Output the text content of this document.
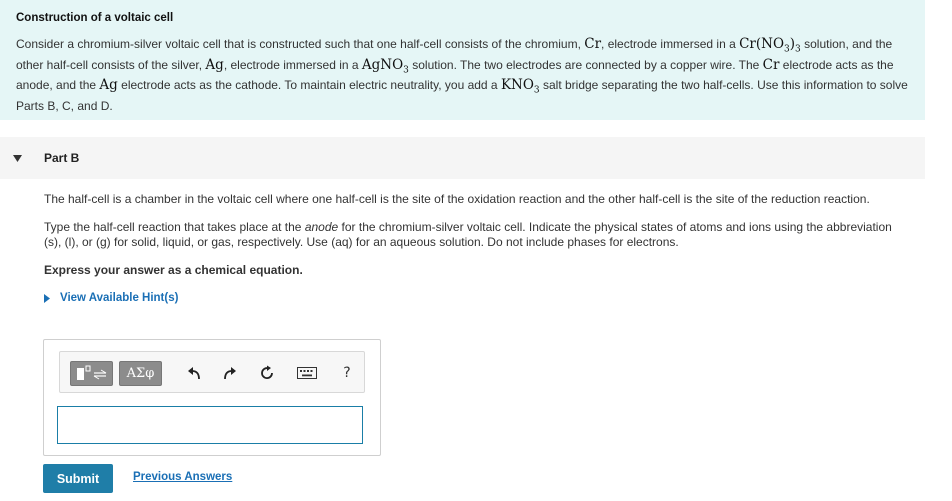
Construction of a voltaic cell
Consider a chromium-silver voltaic cell that is constructed such that one half-cell consists of the chromium, Cr, electrode immersed in a $Cr(NO_3)_3$ solution, and the other half-cell consists of the silver, Ag, electrode immersed in a AgNO$_3$ solution. The two electrodes are connected by a copper wire. The Cr electrode acts as the anode, and the Ag electrode acts as the cathode. To maintain electric neutrality, you add a $KNO_3$ salt bridge separating the two half-cells. Use this information to solve Parts B, C, and D.
Part B

The half-cell is a chamber in the voltaic cell where one half-cell is the site of the oxidation reaction and the other half-cell is the site of the reduction reaction.

Type the half-cell reaction that takes place at the anode for the chromium-silver voltaic cell. Indicate the physical states of atoms and ions using the abbreviation (s), (l), or (g) for solid, liquid, or gas, respectively. Use (aq) for an aqueous solution. Do not include phases for electrons.

Express your answer as a chemical equation.

View Available Hint(s)
ΑΣφ	?
Submit	Previous Answers
